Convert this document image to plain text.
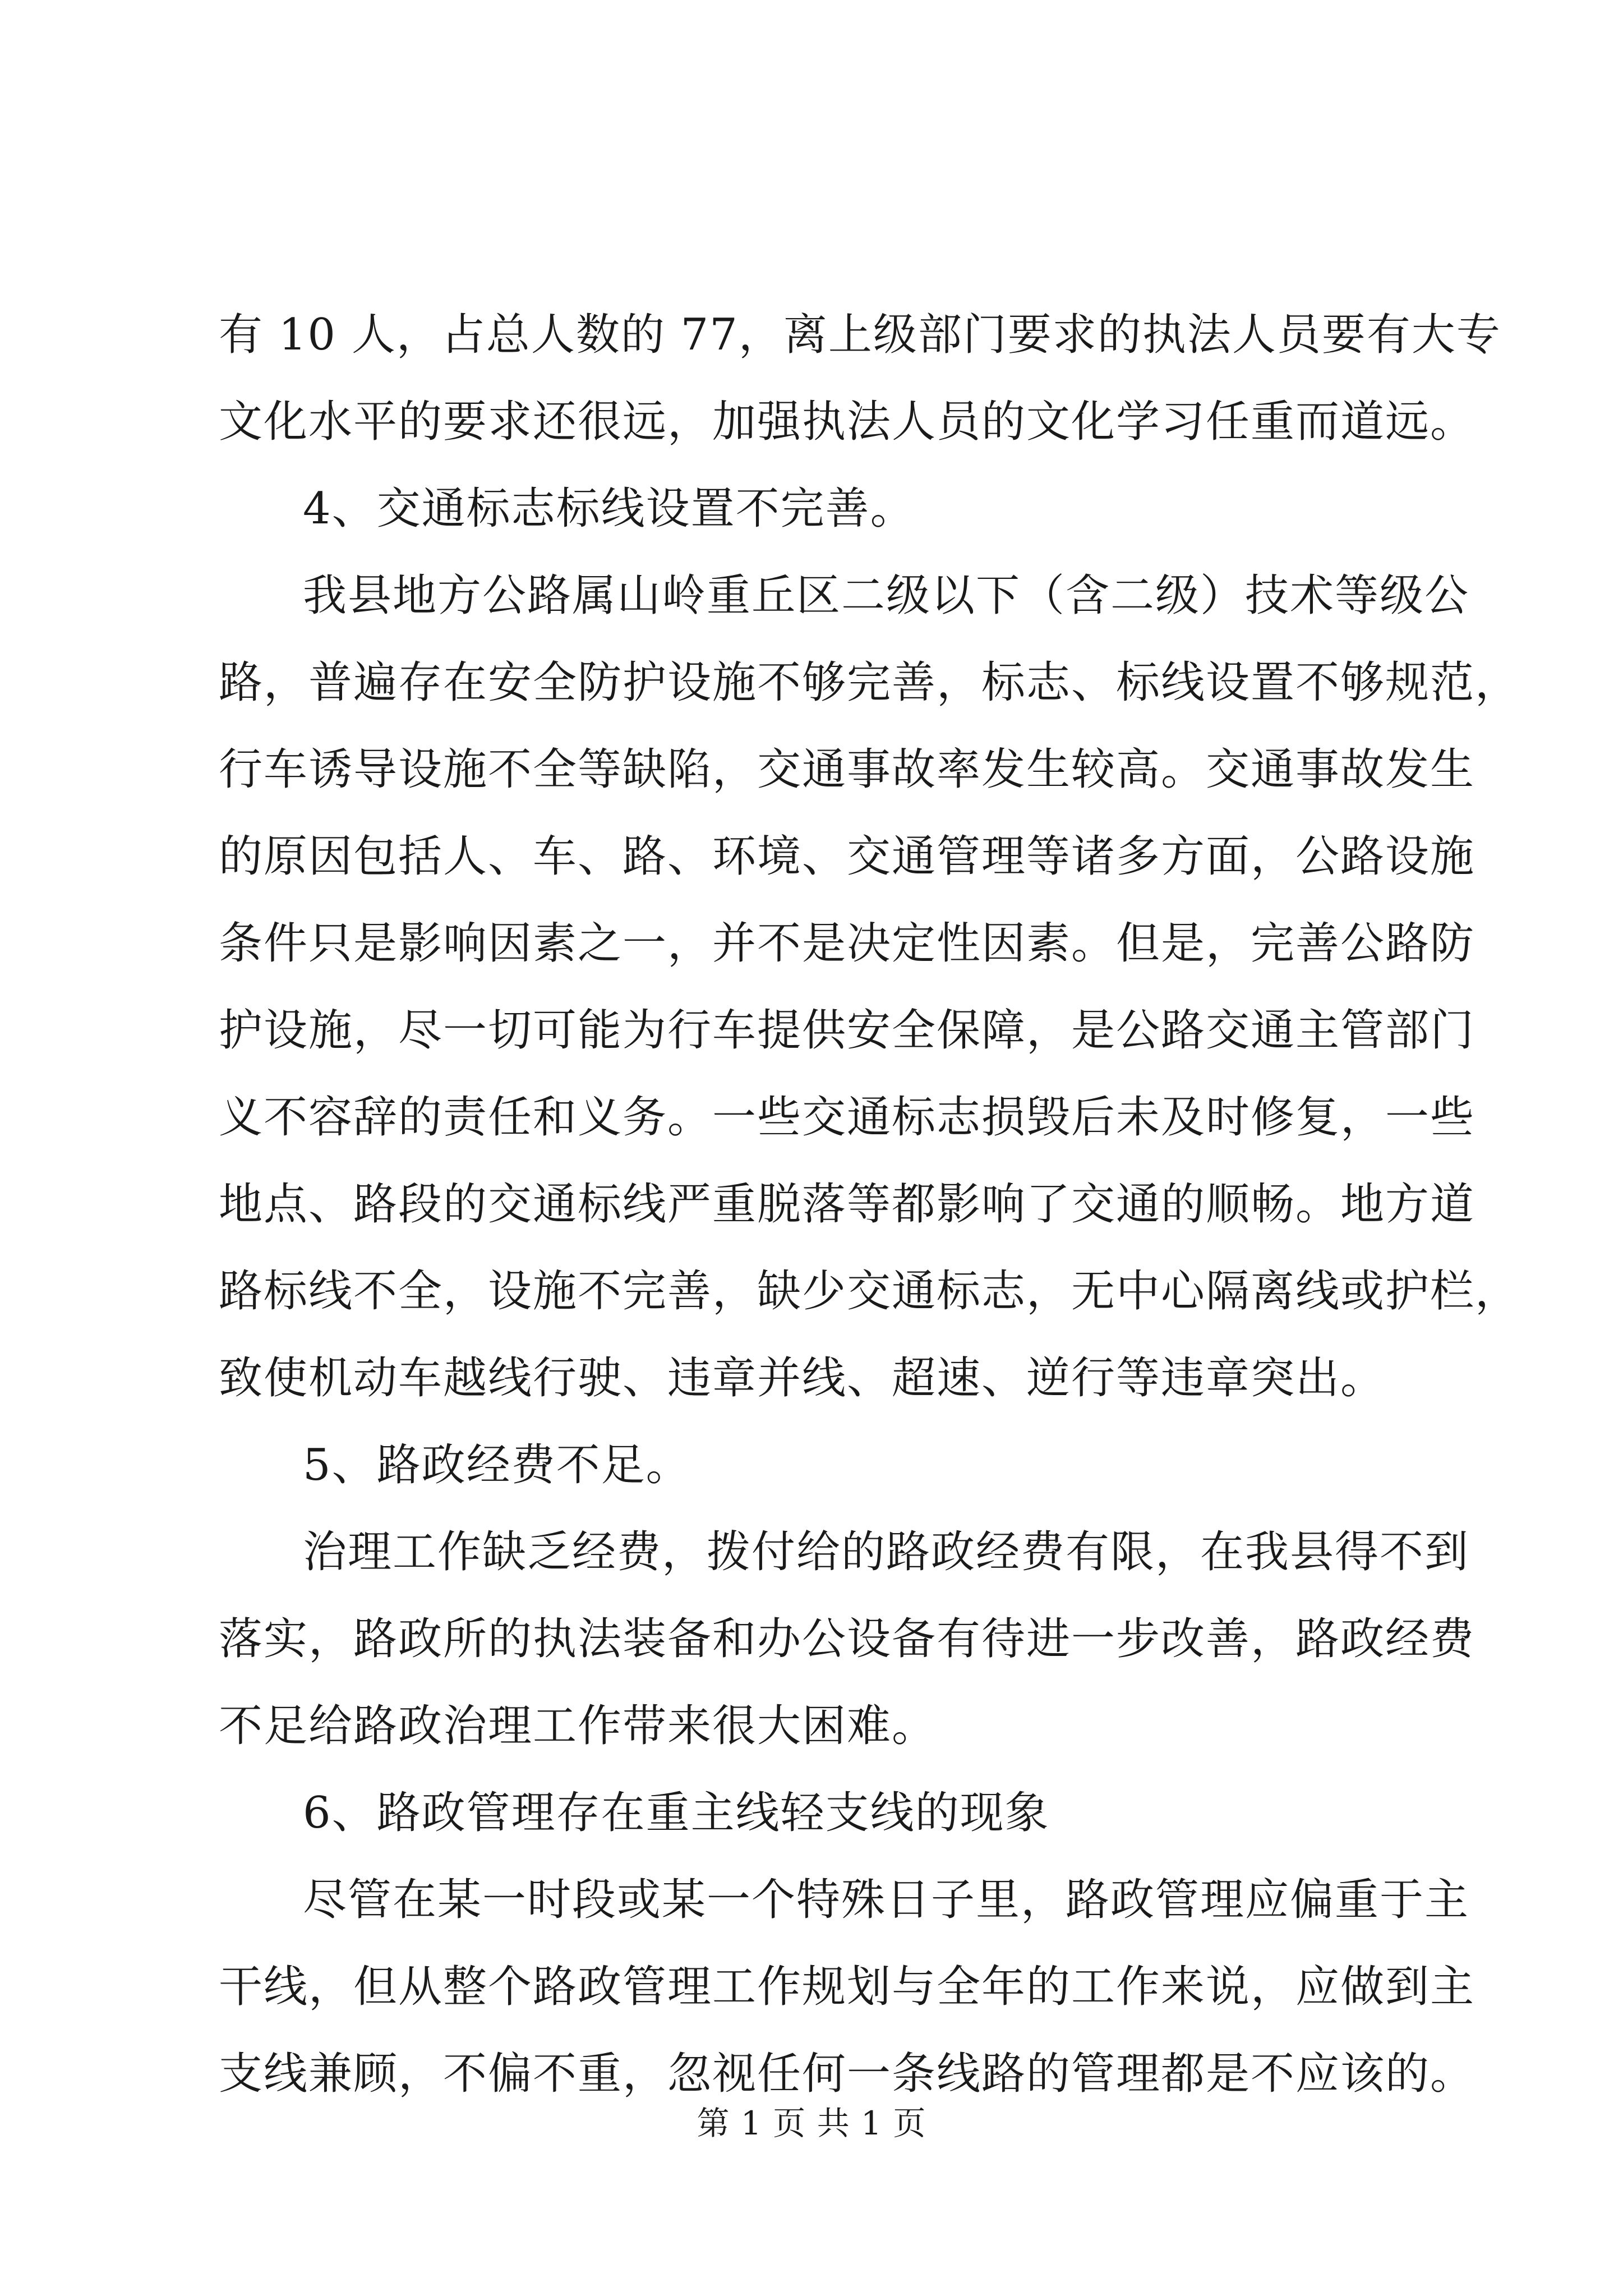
有 10 人，占总人数的 77，离上级部门要求的执法人员要有大专
文化水平的要求还很远，加强执法人员的文化学习任重而道远。
4、交通标志标线设置不完善。
我县地方公路属山岭重丘区二级以下（含二级）技术等级公
路，普遍存在安全防护设施不够完善，标志、标线设置不够规范，
行车诱导设施不全等缺陷，交通事故率发生较高。交通事故发生
的原因包括人、车、路、环境、交通管理等诸多方面，公路设施
条件只是影响因素之一，并不是决定性因素。但是，完善公路防
护设施，尽一切可能为行车提供安全保障，是公路交通主管部门
义不容辞的责任和义务。一些交通标志损毁后未及时修复，一些
地点、路段的交通标线严重脱落等都影响了交通的顺畅。地方道
路标线不全，设施不完善，缺少交通标志，无中心隔离线或护栏，
致使机动车越线行驶、违章并线、超速、逆行等违章突出。
5、路政经费不足。
治理工作缺乏经费，拨付给的路政经费有限，在我县得不到
落实，路政所的执法装备和办公设备有待进一步改善，路政经费
不足给路政治理工作带来很大困难。
6、路政管理存在重主线轻支线的现象
尽管在某一时段或某一个特殊日子里，路政管理应偏重于主
干线，但从整个路政管理工作规划与全年的工作来说，应做到主
支线兼顾，不偏不重，忽视任何一条线路的管理都是不应该的。
第 1 页 共 1 页
